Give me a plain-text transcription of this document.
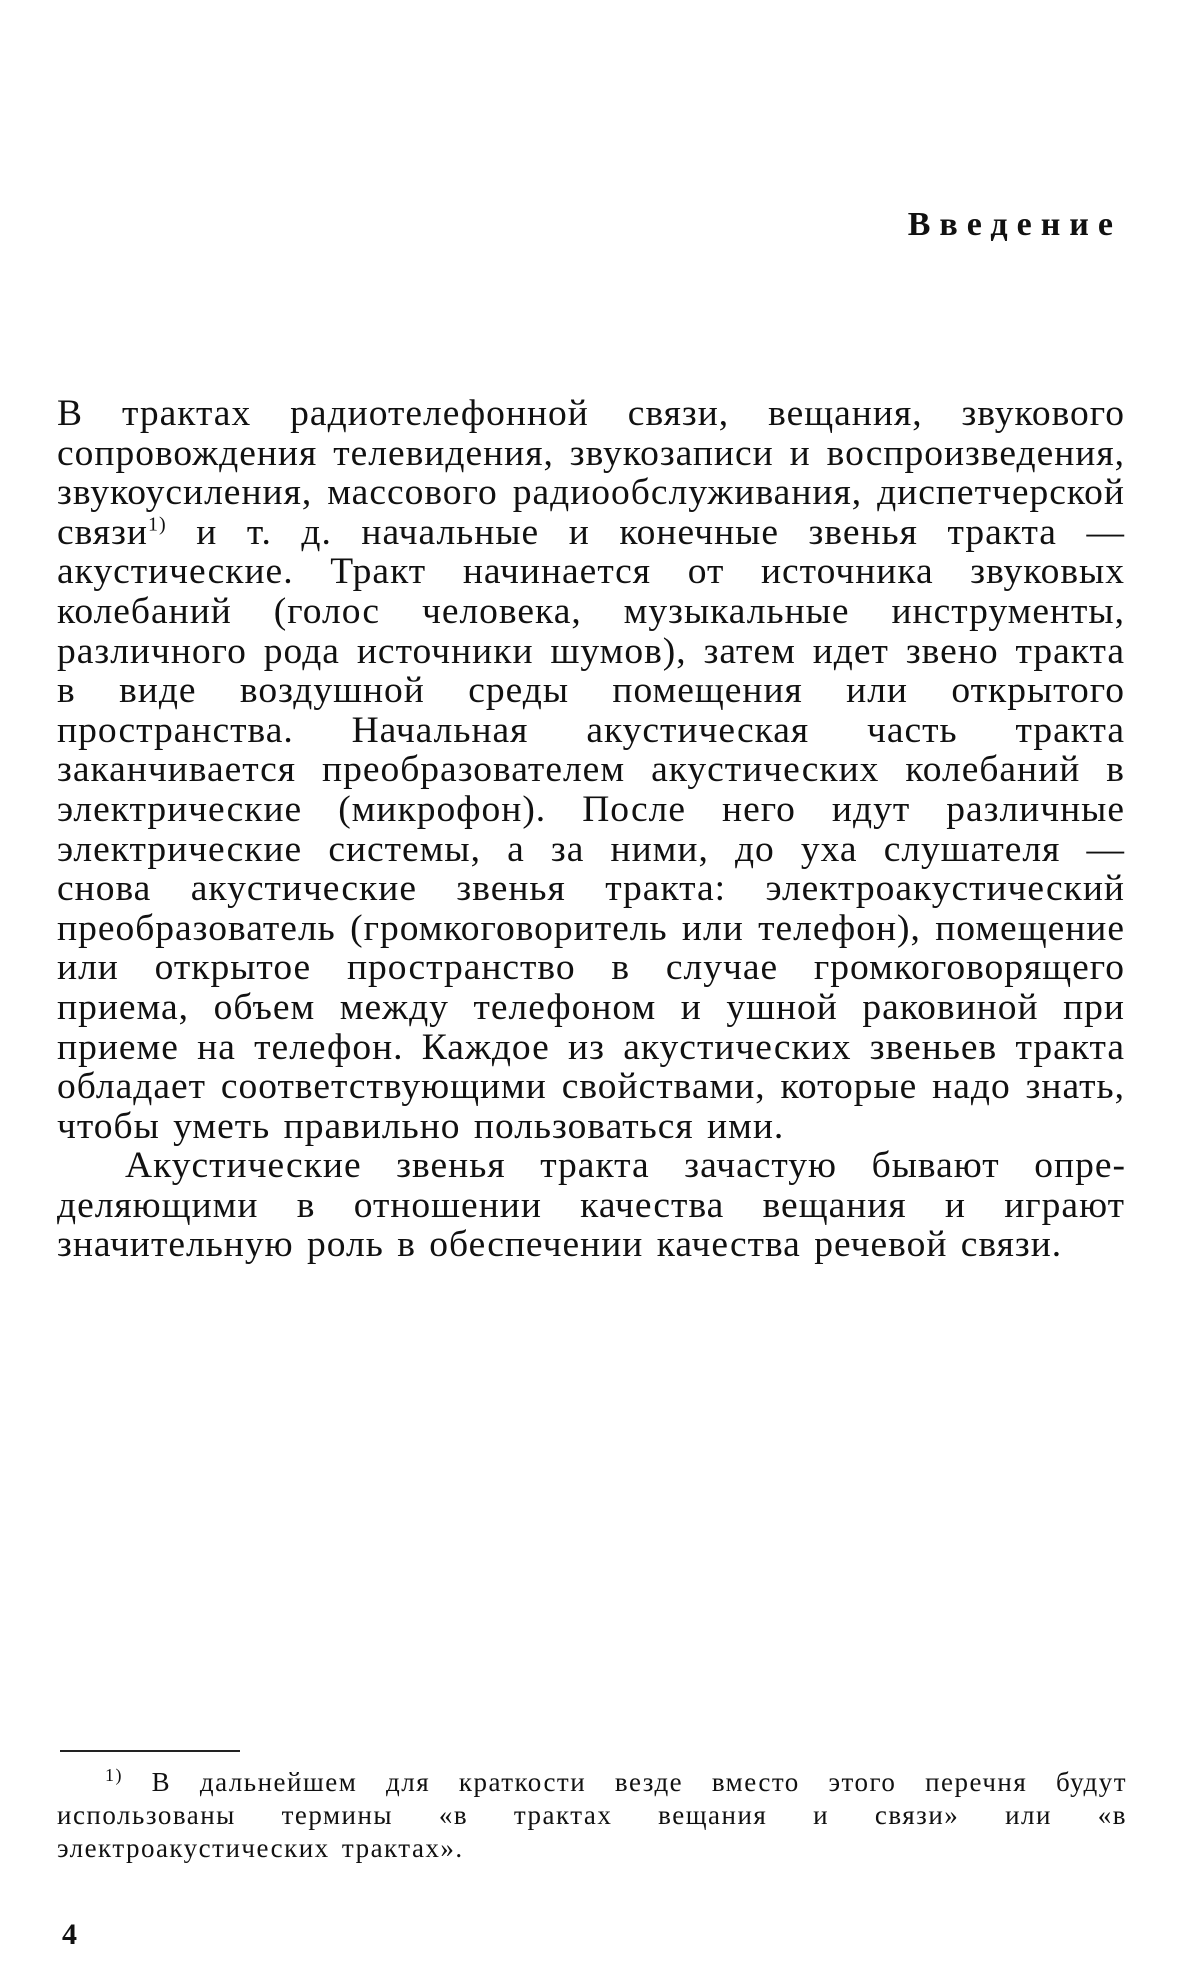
Введение

В трактах радиотелефонной связи, вещания, звукового сопровождения телевидения, звукозаписи и воспроизведения, звукоусиления, массового радиообслуживания, диспетчерской связи$^{1)}$ и т. д. начальные и конечные звенья тракта — акустические. Тракт начинается от источника звуковых колебаний (голос человека, музыкальные инструменты, различного рода источники шумов), затем идет звено тракта в виде воздушной среды помещения или открытого пространства. Начальная акустическая часть тракта заканчивается преобразователем акустических колебаний в электрические (микрофон). После него идут различные электрические системы, а за ними, до уха слушателя — снова акустические звенья тракта: электроакустический преобразователь (громкоговоритель или телефон), помещение или открытое пространство в случае громкоговорящего приема, объем между телефоном и ушной раковиной при приеме на телефон. Каждое из акустических звеньев тракта обладает соответствующими свойствами, которые надо знать, чтобы уметь правильно пользоваться ими.

Акустические звенья тракта зачастую бывают определяющими в отношении качества вещания и играют значительную роль в обеспечении качества речевой связи.

$^{1)}$ В дальнейшем для краткости везде вместо этого перечня будут использованы термины «в трактах вещания и связи» или «в электроакустических трактах».

4
